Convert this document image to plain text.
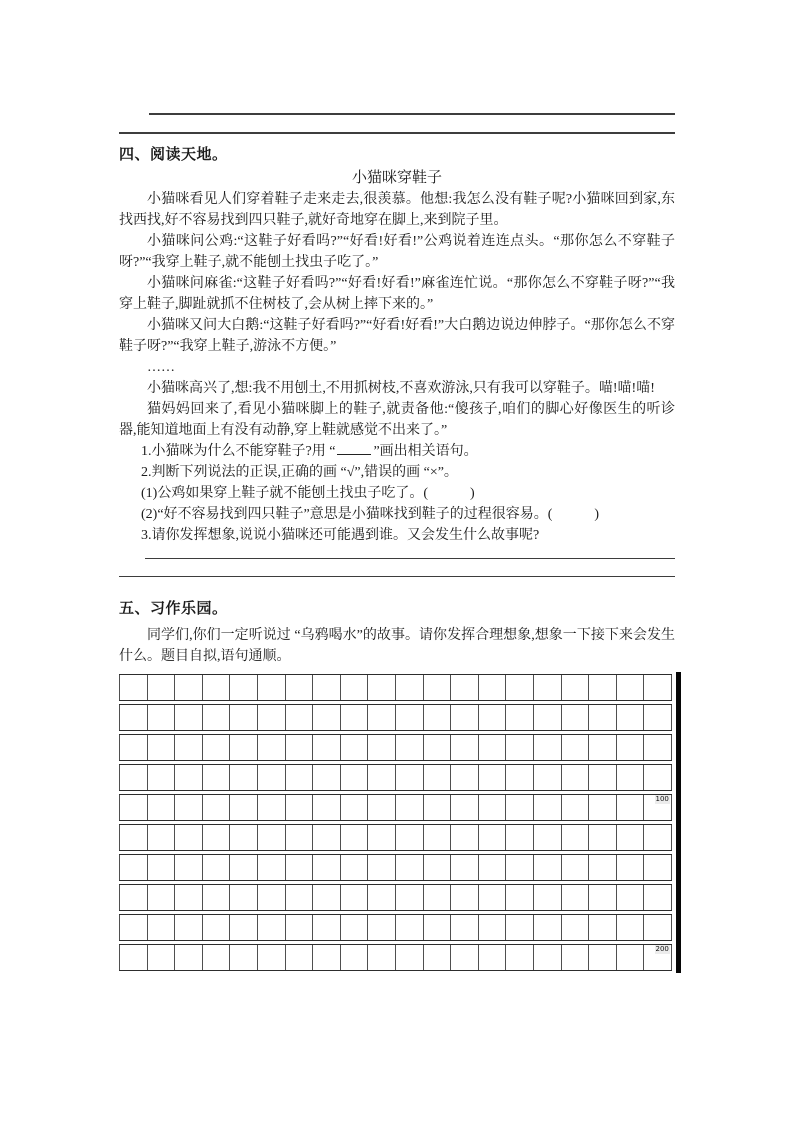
四、阅读天地。
小猫咪穿鞋子

小猫咪看见人们穿着鞋子走来走去,很羡慕。他想:我怎么没有鞋子呢?小猫咪回到家,东找西找,好不容易找到四只鞋子,就好奇地穿在脚上,来到院子里。

小猫咪问公鸡:“这鞋子好看吗?”“好看!好看!”公鸡说着连连点头。“那你怎么不穿鞋子呀?”“我穿上鞋子,就不能刨土找虫子吃了。”

小猫咪问麻雀:“这鞋子好看吗?”“好看!好看!”麻雀连忙说。“那你怎么不穿鞋子呀?”“我穿上鞋子,脚趾就抓不住树枝了,会从树上摔下来的。”

小猫咪又问大白鹅:“这鞋子好看吗?”“好看!好看!”大白鹅边说边伸脖子。“那你怎么不穿鞋子呀?”“我穿上鞋子,游泳不方便。”

……

小猫咪高兴了,想:我不用刨土,不用抓树枝,不喜欢游泳,只有我可以穿鞋子。喵!喵!喵!

猫妈妈回来了,看见小猫咪脚上的鞋子,就责备他:“傻孩子,咱们的脚心好像医生的听诊器,能知道地面上有没有动静,穿上鞋就感觉不出来了。”

1.小猫咪为什么不能穿鞋子?用 “	”画出相关语句。

2.判断下列说法的正误,正确的画 “√”,错误的画 “×”。

(1)公鸡如果穿上鞋子就不能刨土找虫子吃了。(　　　)

(2)“好不容易找到四只鞋子”意思是小猫咪找到鞋子的过程很容易。(　　　)

3.请你发挥想象,说说小猫咪还可能遇到谁。又会发生什么故事呢?

五、习作乐园。

同学们,你们一定听说过 “乌鸦喝水”的故事。请你发挥合理想象,想象一下接下来会发生什么。题目自拟,语句通顺。

100
200
